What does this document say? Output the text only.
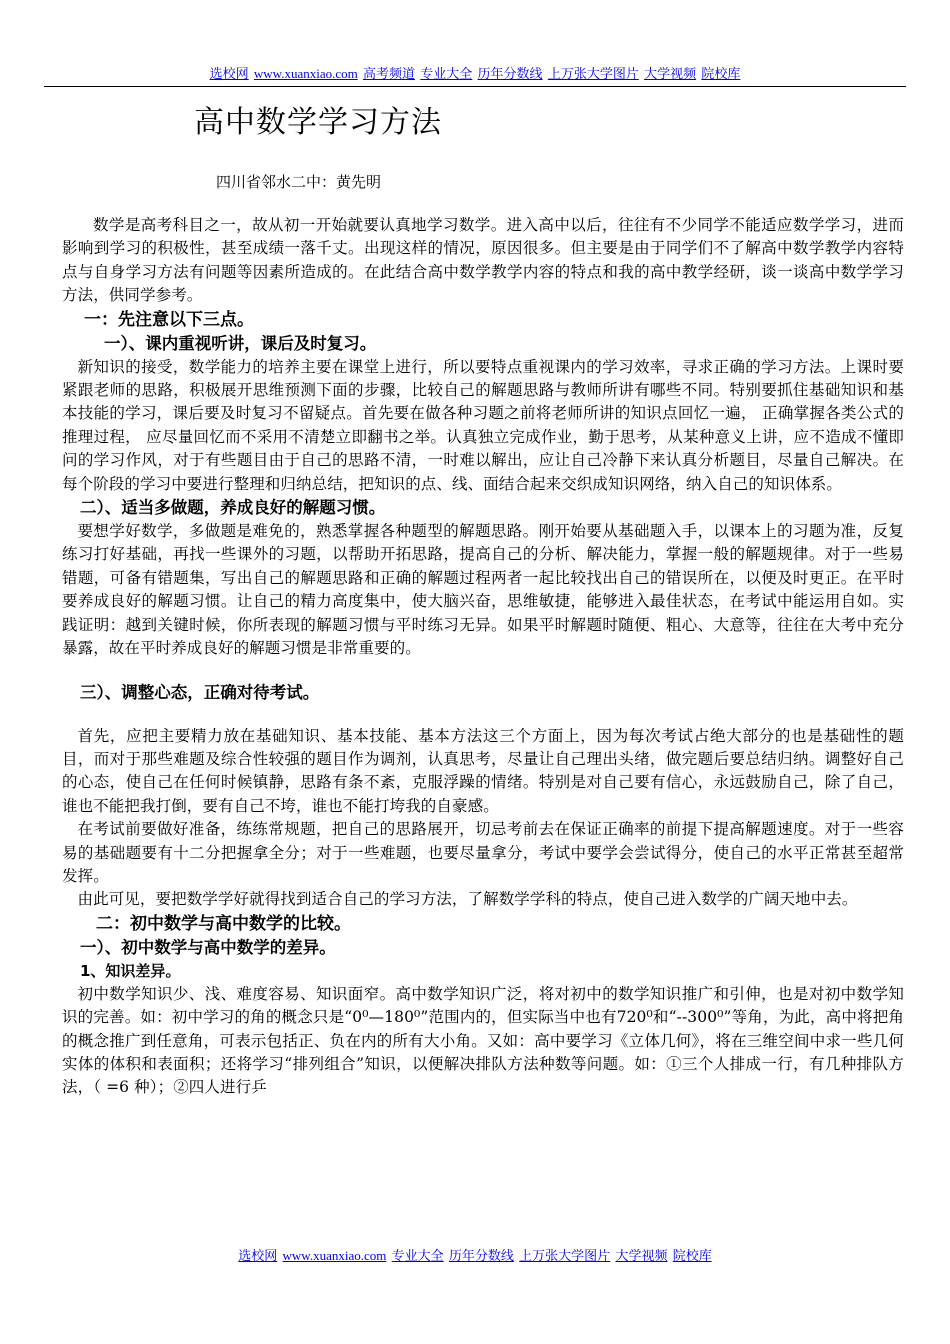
选校网 www.xuanxiao.com 高考频道 专业大全 历年分数线 上万张大学图片 大学视频 院校库
高中数学学习方法
四川省邻水二中：黄先明

数学是高考科目之一，故从初一开始就要认真地学习数学。进入高中以后，往往有不少同学不能适应数学学习，进而影响到学习的积极性，甚至成绩一落千丈。出现这样的情况，原因很多。但主要是由于同学们不了解高中数学教学内容特点与自身学习方法有问题等因素所造成的。在此结合高中数学教学内容的特点和我的高中教学经研，谈一谈高中数学学习方法，供同学参考。

一：先注意以下三点。
一）、课内重视听讲，课后及时复习。

新知识的接受，数学能力的培养主要在课堂上进行，所以要特点重视课内的学习效率，寻求正确的学习方法。上课时要紧跟老师的思路，积极展开思维预测下面的步骤，比较自己的解题思路与教师所讲有哪些不同。特别要抓住基础知识和基本技能的学习，课后要及时复习不留疑点。首先要在做各种习题之前将老师所讲的知识点回忆一遍， 正确掌握各类公式的推理过程， 应尽量回忆而不采用不清楚立即翻书之举。认真独立完成作业，勤于思考，从某种意义上讲，应不造成不懂即问的学习作风，对于有些题目由于自己的思路不清，一时难以解出，应让自己冷静下来认真分析题目，尽量自己解决。在每个阶段的学习中要进行整理和归纳总结，把知识的点、线、面结合起来交织成知识网络，纳入自己的知识体系。

二）、适当多做题，养成良好的解题习惯。

要想学好数学，多做题是难免的，熟悉掌握各种题型的解题思路。刚开始要从基础题入手，以课本上的习题为准，反复练习打好基础，再找一些课外的习题，以帮助开拓思路，提高自己的分析、解决能力，掌握一般的解题规律。对于一些易错题，可备有错题集，写出自己的解题思路和正确的解题过程两者一起比较找出自己的错误所在，以便及时更正。在平时要养成良好的解题习惯。让自己的精力高度集中，使大脑兴奋，思维敏捷，能够进入最佳状态，在考试中能运用自如。实践证明：越到关键时候，你所表现的解题习惯与平时练习无异。如果平时解题时随便、粗心、大意等，往往在大考中充分暴露，故在平时养成良好的解题习惯是非常重要的。

三）、调整心态，正确对待考试。

首先，应把主要精力放在基础知识、基本技能、基本方法这三个方面上，因为每次考试占绝大部分的也是基础性的题目，而对于那些难题及综合性较强的题目作为调剂，认真思考，尽量让自己理出头绪，做完题后要总结归纳。调整好自己的心态，使自己在任何时候镇静，思路有条不紊，克服浮躁的情绪。特别是对自己要有信心，永远鼓励自己，除了自己，谁也不能把我打倒，要有自己不垮，谁也不能打垮我的自豪感。

在考试前要做好准备，练练常规题，把自己的思路展开，切忌考前去在保证正确率的前提下提高解题速度。对于一些容易的基础题要有十二分把握拿全分；对于一些难题，也要尽量拿分，考试中要学会尝试得分，使自己的水平正常甚至超常发挥。

由此可见，要把数学学好就得找到适合自己的学习方法，了解数学学科的特点，使自己进入数学的广阔天地中去。

二：初中数学与高中数学的比较。
一）、初中数学与高中数学的差异。
1、知识差异。

初中数学知识少、浅、难度容易、知识面窄。高中数学知识广泛，将对初中的数学知识推广和引伸，也是对初中数学知识的完善。如：初中学习的角的概念只是“0⁰—180⁰”范围内的，但实际当中也有720⁰和“--300⁰”等角，为此，高中将把角的概念推广到任意角，可表示包括正、负在内的所有大小角。又如：高中要学习《立体几何》，将在三维空间中求一些几何实体的体积和表面积；还将学习“排列组合”知识，以便解决排队方法种数等问题。如：①三个人排成一行，有几种排队方法，（ =6 种）；②四人进行乒

选校网 www.xuanxiao.com 专业大全 历年分数线 上万张大学图片 大学视频 院校库
